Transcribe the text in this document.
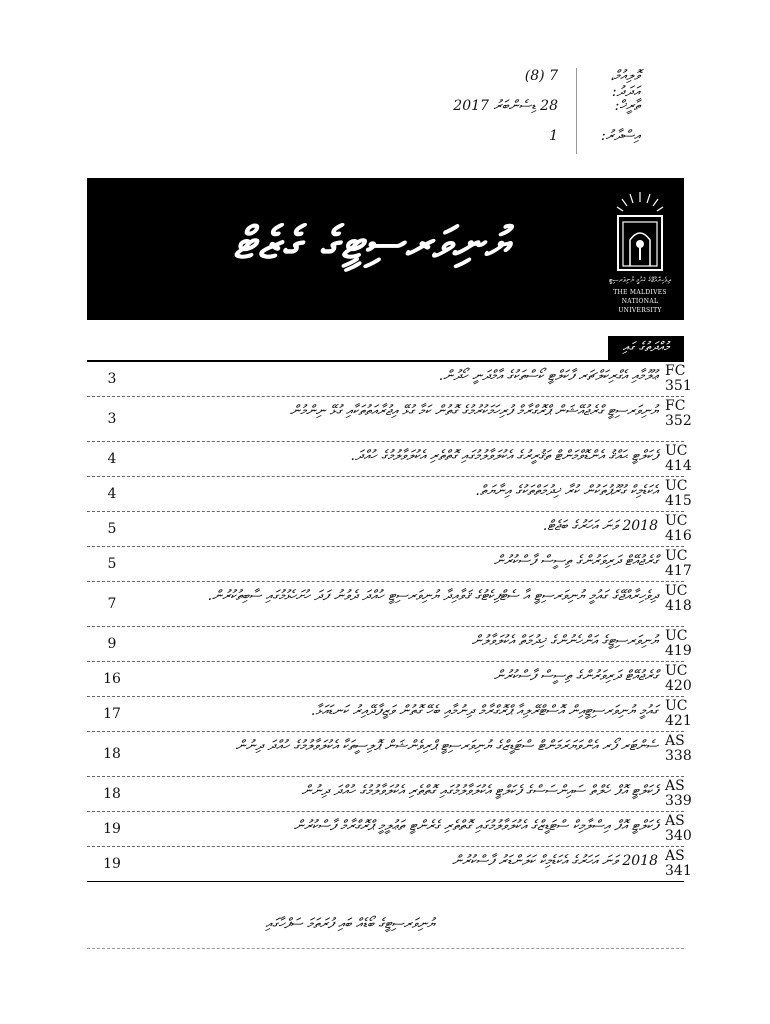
ވޮލިއުމް، އަދަދު:
7 (8)
ތާރީޚް:
28 ޑިސެންބަރު 2017
އިސްދާރު:
1
ޔުނިވަރސިޓީގެ ގެޒެޓް
ދިވެހިރާއްޖޭގެ ޤައުމީ ޔުނިވަރސިޓީ
THE MALDIVES NATIONAL
UNIVERSITY
މުއްދަތުގެ ގައި
FC
351
ޢުލޫމާއި އެގްރިކަލްޗަރ ފާކަލްޓީ ކޯސްތަކުގެ އާމްދަނީ ހޯދުން.
3
FC
352
ޔުނިވަރސިޓީ ގްރެޖުއޭޝަން ޕްރޮގްރާމް ފުރިހަމަކުރުމުގެ ގޮތުން ކަމާ ގުޅޭ އިޖުރާއަތުތަކާއި ގުޅޭ ނިންމުން
3
UC
414
ފެކަލްޓީ ޙައްޤު އެންޑޮވްމަންޓް ތަޤުރީރުގެ އެކުލަވާލުމުގައި ގޮތްތެރި އެކުލަވާލުމުގެ ހުއްދަ.
4
UC
415
އެކަޑެމިކް ގުރޫޕުތަކުން ކުރާ ޚިދުމަތްތަކުގެ އިނާޔަތް.
4
UC
416
2018 ވަނަ އަހަރުގެ ބަޖެޓް.
5
UC
417
ގްރެޖުއޭޓް ދަރިވަރުންގެ ތިސީސް ފާސްކުރުން
5
UC
418
ދިވެހިރާއްޖޭގެ ގައުމީ ޔުނިވަރސިޓީ އާ ސެޓްފިކެޓުގެ ޤަވާއިދާ ޔުނިވަރސިޓީ ހުއްދަ ދެވުނު ފަދަ ހުށަހެޅުމުގައި ސާބިތުކުރުން.
7
UC
419
ޔުނިވަރސިޓީގެ އަންހެނުންގެ ޚިދުމަތް އެކުލަވާލުން
9
UC
420
ގްރެޖުއޭޓް ދަރިވަރުންގެ ތިސީސް ފާސްކުރުން
16
UC
421
ގައުމީ ޔުނިވަރސިޓީއިން އޮސްޓްރޭލިއާ ޕްރޮގްރާމް ދިނުމާއި ބެހޭ ގޮތުން ވަޒީފާދޭއިރު ކަނޑައަޅާ.
17
AS
338
ސެންޓަރ ފޯރ އެންވަޔަރަމަންޓް ސްޓަޑީޒްގެ ޔުނިވަރސިޓީ ޕްރިވެންޝަން ޕޮލިސީތަކާ އެކުލަވާލުމުގެ ހުއްދަ ދިނުން
18
AS
339
ފެކަލްޓީ އޮފް ހެލްތް ސައިންސަސްގެ ފެކަލްޓީ އެކުލަވާލުމުގައި ގޮތްތެރި އެކުލަވާލުމުގެ ހުއްދަ ދިނުން
18
AS
340
ފެކަލްޓީ އޮފް އިސްލާމިކް ސްޓަޑީޒްގެ އެކުލަވާލުމުގައި ގޮތްތެރި ގެރެންޓީ ތަޢުލީމީ ޕްރޮގްރާމް ފާސްކުރުން
19
AS
341
2018 ވަނަ އަހަރުގެ އެކަޑެމިކް ކަލަންޑަރު ފާސްކުރުން
19
ޔުނިވަރސިޓީގެ ބޯޑެއް ބައި ފުރަތަމަ ސަފްހާގައި
